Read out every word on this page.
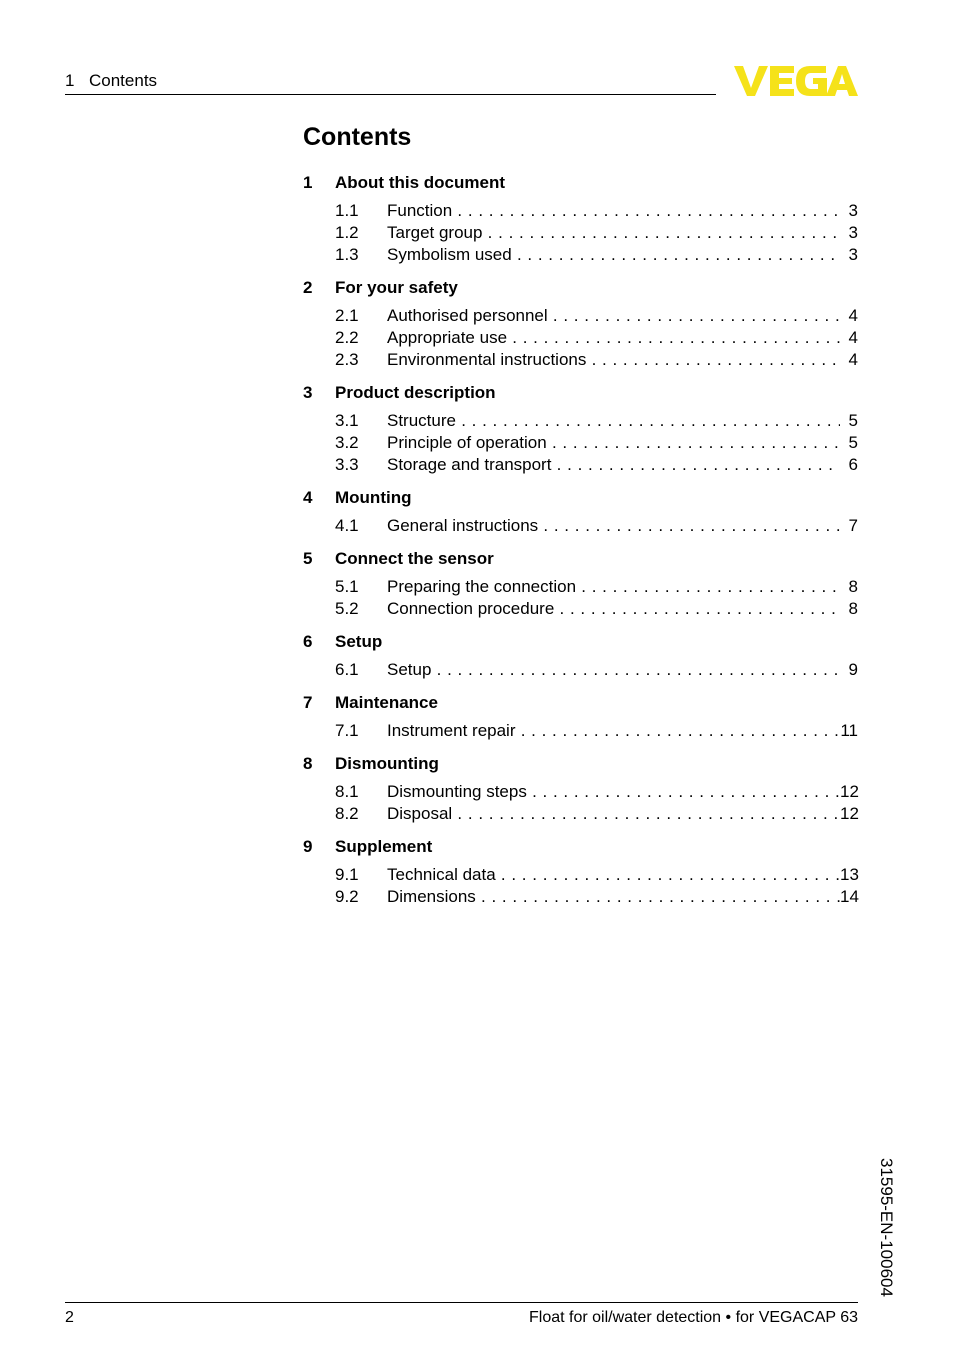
1 Contents
Contents
1	About this document
1.1	Function . . .	3
1.2	Target group . . .	3
1.3	Symbolism used . . .	3
2	For your safety
2.1	Authorised personnel . . .	4
2.2	Appropriate use . . .	4
2.3	Environmental instructions . . .	4
3	Product description
3.1	Structure . . .	5
3.2	Principle of operation . . .	5
3.3	Storage and transport . . .	6
4	Mounting
4.1	General instructions . . .	7
5	Connect the sensor
5.1	Preparing the connection . . .	8
5.2	Connection procedure . . .	8
6	Setup
6.1	Setup . . .	9
7	Maintenance
7.1	Instrument repair . . .	11
8	Dismounting
8.1	Dismounting steps . . .	12
8.2	Disposal . . .	12
9	Supplement
9.1	Technical data . . .	13
9.2	Dimensions . . .	14
31595-EN-100604
2	Float for oil/water detection • for VEGACAP 63
